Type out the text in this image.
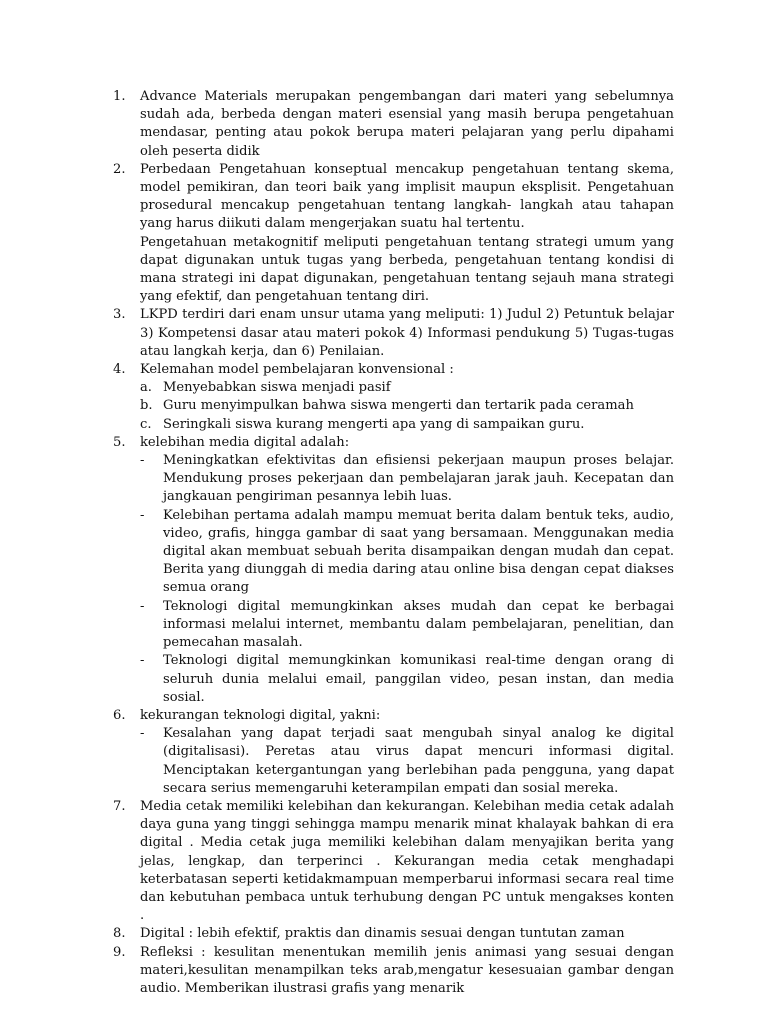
1. Advance Materials merupakan pengembangan dari materi yang sebelumnya sudah ada, berbeda dengan materi esensial yang masih berupa pengetahuan mendasar, penting atau pokok berupa materi pelajaran yang perlu dipahami oleh peserta didik

2. Perbedaan Pengetahuan konseptual mencakup pengetahuan tentang skema, model pemikiran, dan teori baik yang implisit maupun eksplisit. Pengetahuan prosedural mencakup pengetahuan tentang langkah- langkah atau tahapan yang harus diikuti dalam mengerjakan suatu hal tertentu.

Pengetahuan metakognitif meliputi pengetahuan tentang strategi umum yang dapat digunakan untuk tugas yang berbeda, pengetahuan tentang kondisi di mana strategi ini dapat digunakan, pengetahuan tentang sejauh mana strategi yang efektif, dan pengetahuan tentang diri.

3. LKPD terdiri dari enam unsur utama yang meliputi: 1) Judul 2) Petuntuk belajar 3) Kompetensi dasar atau materi pokok 4) Informasi pendukung 5) Tugas-tugas atau langkah kerja, dan 6) Penilaian.

4. Kelemahan model pembelajaran konvensional :

a. Menyebabkan siswa menjadi pasif
b. Guru menyimpulkan bahwa siswa mengerti dan tertarik pada ceramah
c. Seringkali siswa kurang mengerti apa yang di sampaikan guru.
5. kelebihan media digital adalah:

- Meningkatkan efektivitas dan efisiensi pekerjaan maupun proses belajar. Mendukung proses pekerjaan dan pembelajaran jarak jauh. Kecepatan dan jangkauan pengiriman pesannya lebih luas.
- Kelebihan pertama adalah mampu memuat berita dalam bentuk teks, audio, video, grafis, hingga gambar di saat yang bersamaan. Menggunakan media digital akan membuat sebuah berita disampaikan dengan mudah dan cepat. Berita yang diunggah di media daring atau online bisa dengan cepat diakses semua orang
- Teknologi digital memungkinkan akses mudah dan cepat ke berbagai informasi melalui internet, membantu dalam pembelajaran, penelitian, dan pemecahan masalah.
- Teknologi digital memungkinkan komunikasi real-time dengan orang di seluruh dunia melalui email, panggilan video, pesan instan, dan media sosial.
6. kekurangan teknologi digital, yakni:

- Kesalahan yang dapat terjadi saat mengubah sinyal analog ke digital (digitalisasi). Peretas atau virus dapat mencuri informasi digital. Menciptakan ketergantungan yang berlebihan pada pengguna, yang dapat secara serius memengaruhi keterampilan empati dan sosial mereka.
7. Media cetak memiliki kelebihan dan kekurangan. Kelebihan media cetak adalah daya guna yang tinggi sehingga mampu menarik minat khalayak bahkan di era digital . Media cetak juga memiliki kelebihan dalam menyajikan berita yang jelas, lengkap, dan terperinci . Kekurangan media cetak menghadapi keterbatasan seperti ketidakmampuan memperbarui informasi secara real time dan kebutuhan pembaca untuk terhubung dengan PC untuk mengakses konten .

8. Digital : lebih efektif, praktis dan dinamis sesuai dengan tuntutan zaman

9. Refleksi : kesulitan menentukan memilih jenis animasi yang sesuai dengan materi,kesulitan menampilkan teks arab,mengatur kesesuaian gambar dengan audio. Memberikan ilustrasi grafis yang menarik
